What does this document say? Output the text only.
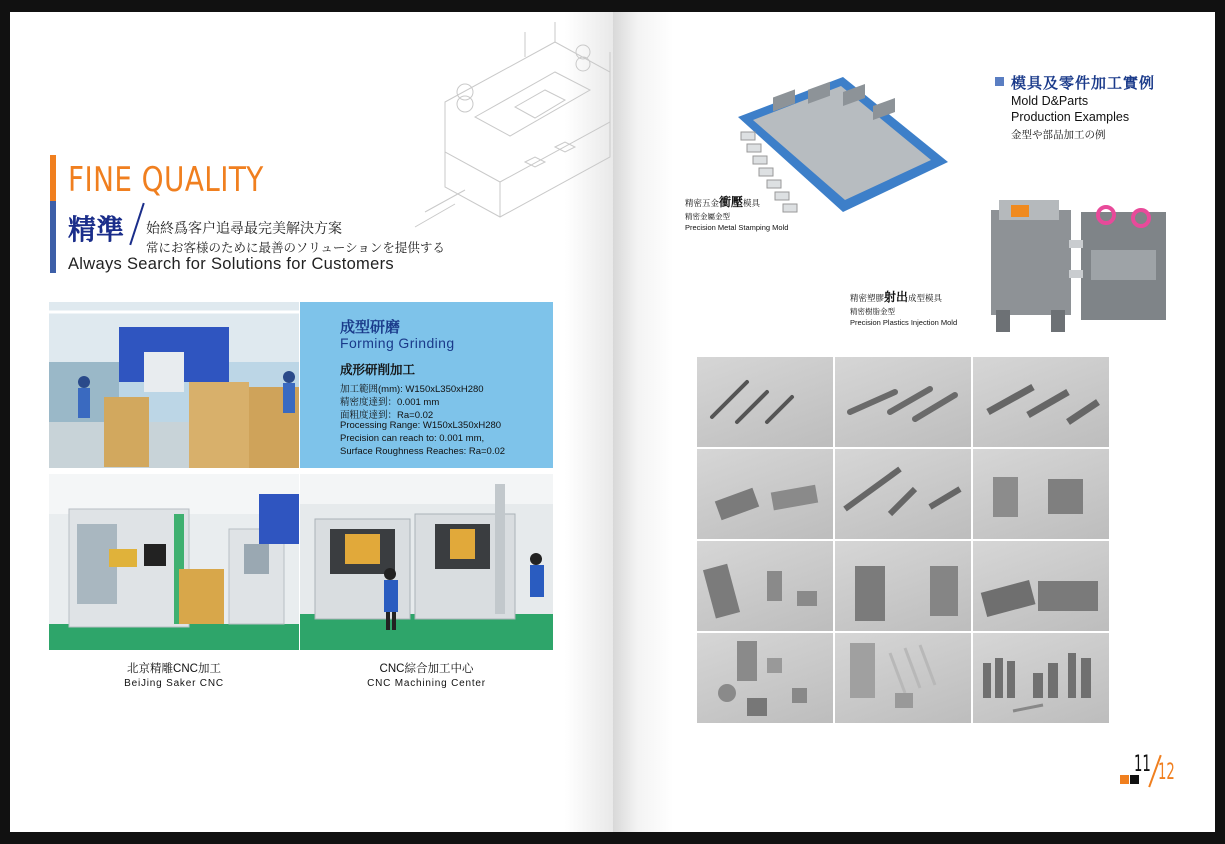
FINE QUALITY
精準 始終爲客户追尋最完美解決方案
常にお客様のために最善のソリューションを提供する
Always Search for Solutions for Customers
成型研磨
Forming Grinding
成形研削加工
加工範囲(mm): W150xL350xH280
精密度達到：0.001 mm
面粗度達到：Ra=0.02
Processing Range: W150xL350xH280
Precision can reach to: 0.001 mm,
Surface Roughness Reaches: Ra=0.02
北京精雕CNC加工
BeiJing Saker CNC
CNC綜合加工中心
CNC Machining Center
模具及零件加工實例
Mold D&Parts
Production Examples
金型や部品加工の例
精密五金衝壓模具
精密金屬金型
Precision Metal Stamping Mold
精密塑膠射出成型模具
精密樹脂金型
Precision Plastics Injection Mold
11 12
